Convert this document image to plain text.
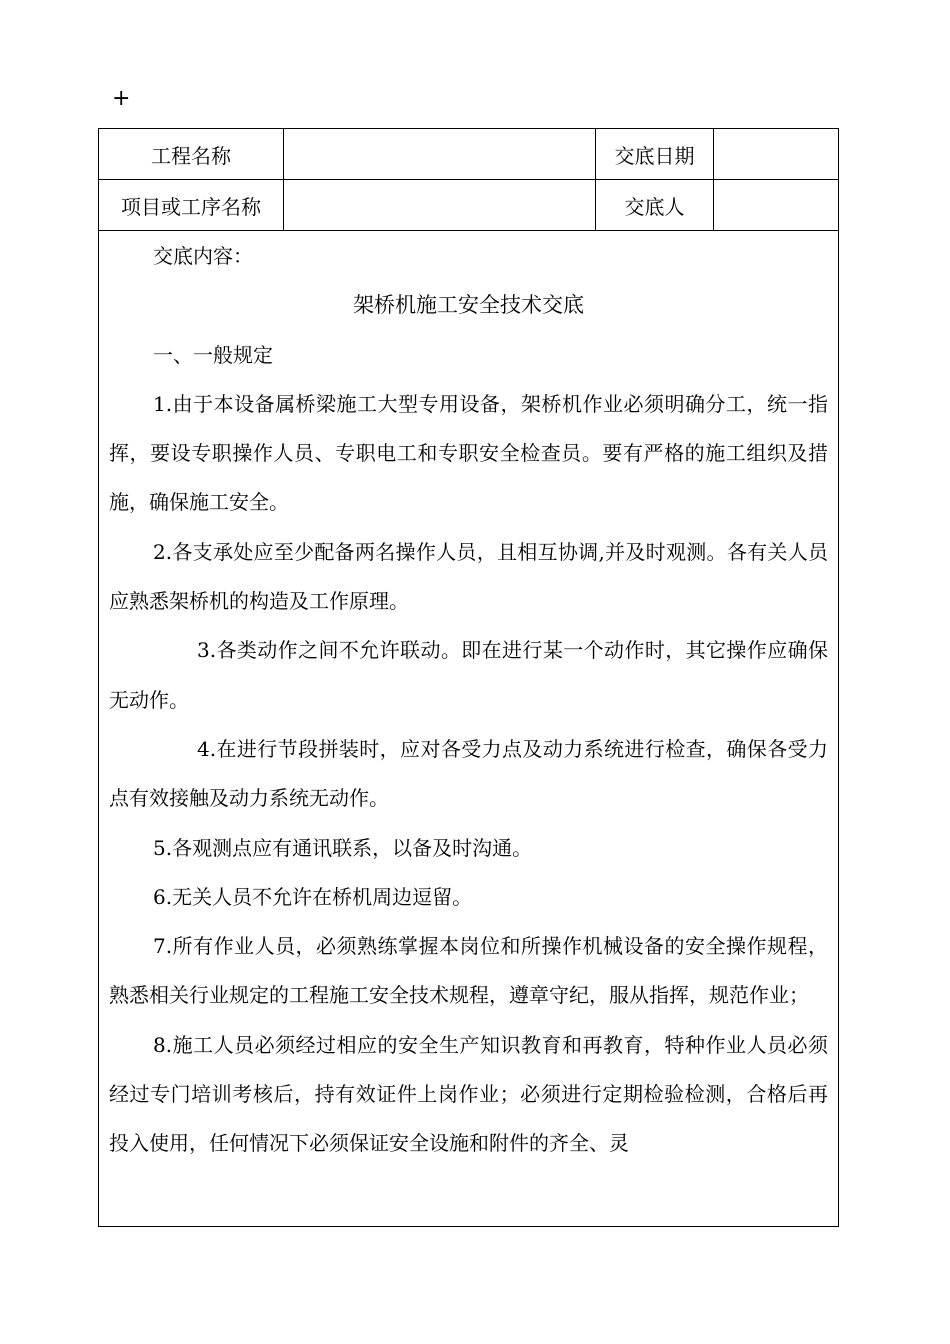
+
工程名称	交底日期
项目或工序名称	交底人

交底内容：

架桥机施工安全技术交底

一、一般规定

1.由于本设备属桥梁施工大型专用设备，架桥机作业必须明确分工，统一指挥，要设专职操作人员、专职电工和专职安全检查员。要有严格的施工组织及措施，确保施工安全。

2.各支承处应至少配备两名操作人员，且相互协调,并及时观测。各有关人员应熟悉架桥机的构造及工作原理。

3.各类动作之间不允许联动。即在进行某一个动作时，其它操作应确保无动作。

4.在进行节段拼装时，应对各受力点及动力系统进行检查，确保各受力点有效接触及动力系统无动作。

5.各观测点应有通讯联系，以备及时沟通。

6.无关人员不允许在桥机周边逗留。

7.所有作业人员，必须熟练掌握本岗位和所操作机械设备的安全操作规程，熟悉相关行业规定的工程施工安全技术规程，遵章守纪，服从指挥，规范作业；

8.施工人员必须经过相应的安全生产知识教育和再教育，特种作业人员必须经过专门培训考核后，持有效证件上岗作业；必须进行定期检验检测，合格后再投入使用，任何情况下必须保证安全设施和附件的齐全、灵
